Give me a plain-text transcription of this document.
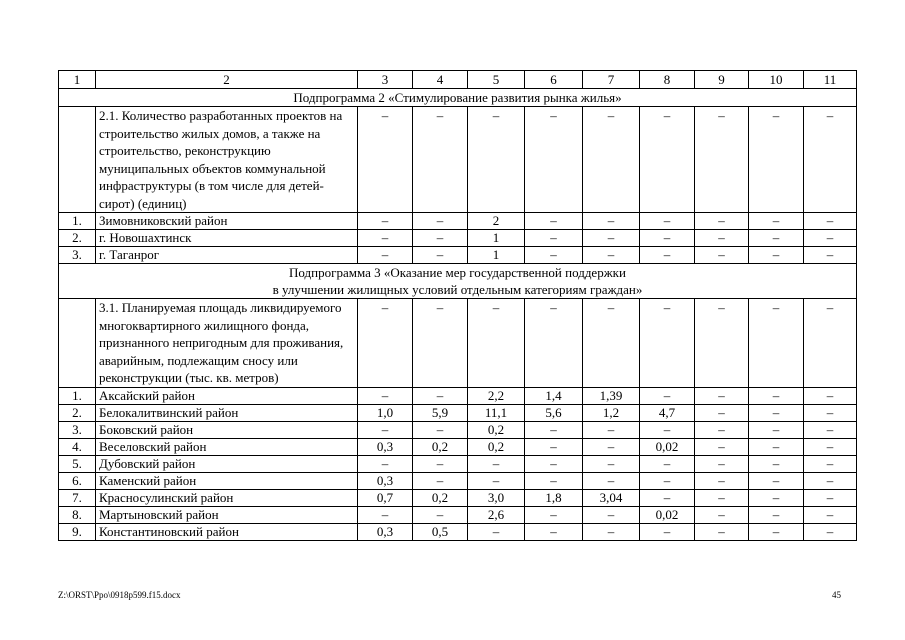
1	2	3	4	5	6	7	8	9	10	11

Подпрограмма 2 «Стимулирование развития рынка жилья»										

	2.1. Количество разработанных проектов на строительство жилых домов, а также на строительство, реконструкцию муниципальных объектов коммунальной инфраструктуры (в том числе для детей-сирот) (единиц)	–	–	–	–	–	–	–	–	–
1.	Зимовниковский район	–	–	2	–	–	–	–	–	–
2.	г. Новошахтинск	–	–	1	–	–	–	–	–	–
3.	г. Таганрог	–	–	1	–	–	–	–	–	–

Подпрограмма 3 «Оказание мер государственной поддержки
в улучшении жилищных условий отдельным категориям граждан»										

	3.1. Планируемая площадь ликвидируемого многоквартирного жилищного фонда, признанного непригодным для проживания, аварийным, подлежащим сносу или реконструкции (тыс. кв. метров)	–	–	–	–	–	–	–	–	–
1.	Аксайский район	–	–	2,2	1,4	1,39	–	–	–	–
2.	Белокалитвинский район	1,0	5,9	11,1	5,6	1,2	4,7	–	–	–
3.	Боковский район	–	–	0,2	–	–	–	–	–	–
4.	Веселовский район	0,3	0,2	0,2	–	–	0,02	–	–	–
5.	Дубовский район	–	–	–	–	–	–	–	–	–
6.	Каменский район	0,3	–	–	–	–	–	–	–	–
7.	Красносулинский район	0,7	0,2	3,0	1,8	3,04	–	–	–	–
8.	Мартыновский район	–	–	2,6	–	–	0,02	–	–	–
9.	Константиновский район	0,3	0,5	–	–	–	–	–	–	–
Z:\ORST\Ppo\0918p599.f15.docx	45
